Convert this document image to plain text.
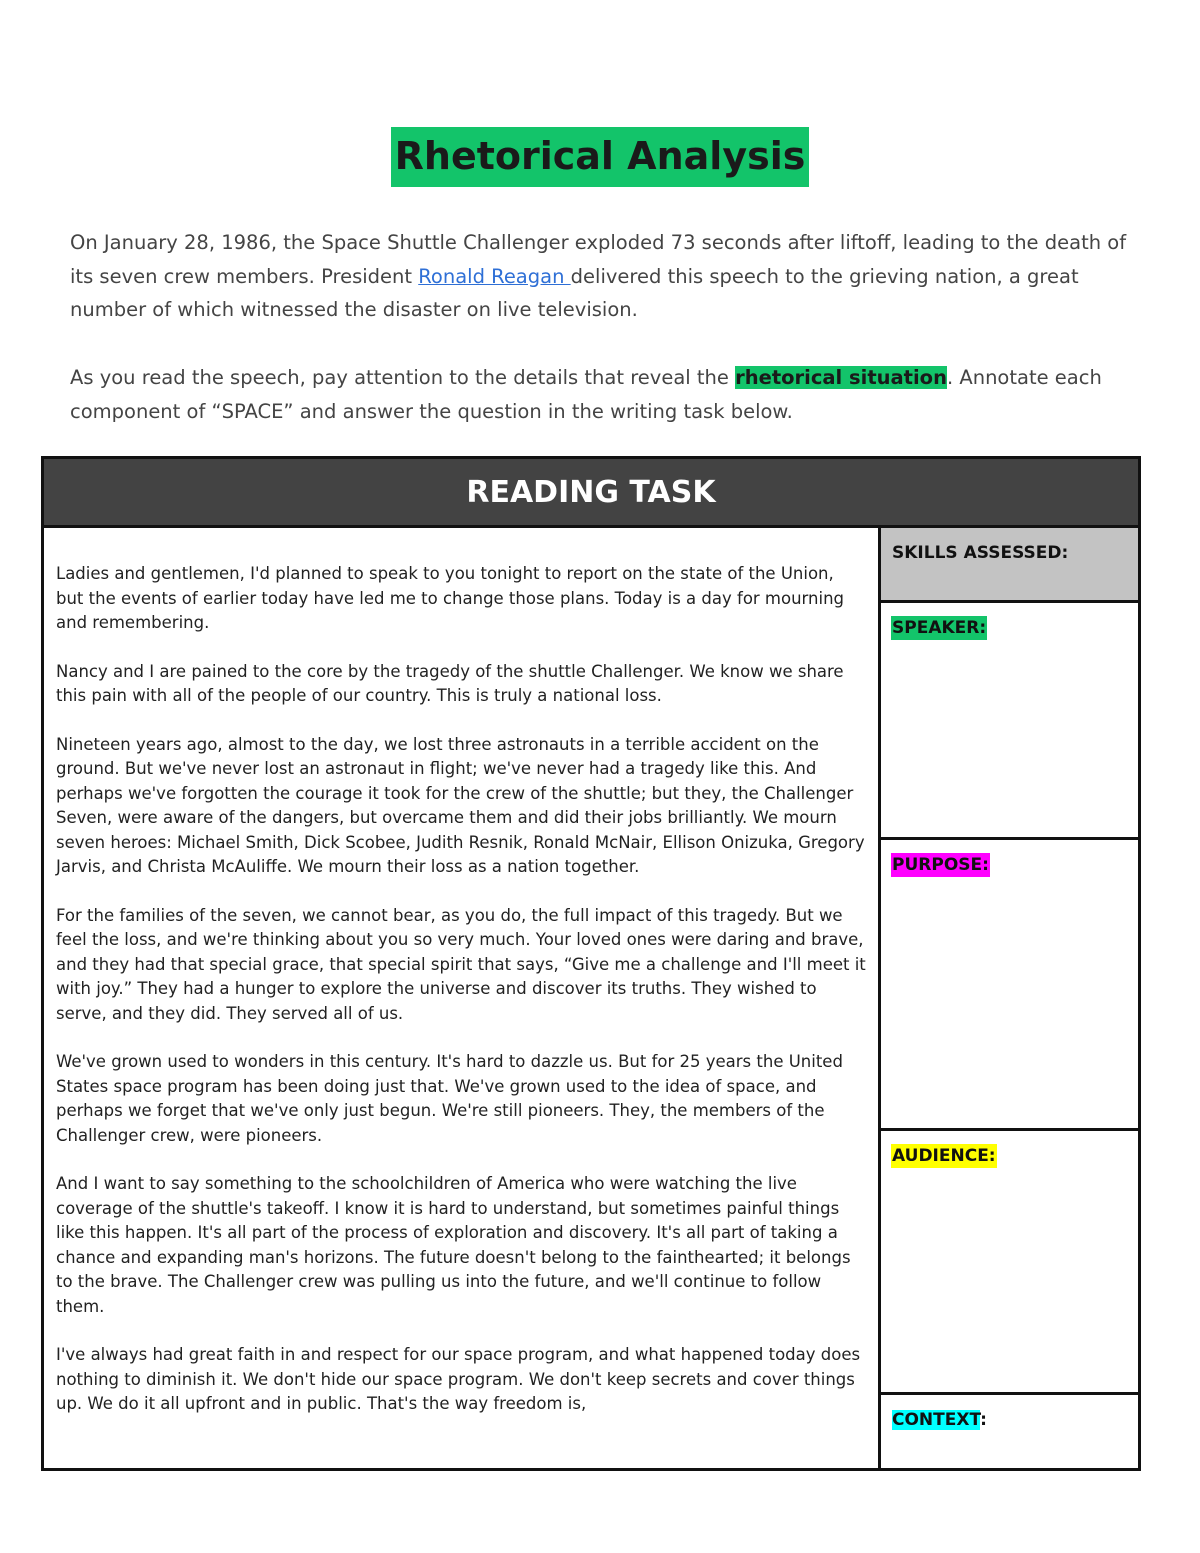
Rhetorical Analysis

On January 28, 1986, the Space Shuttle Challenger exploded 73 seconds after liftoff, leading to the death of its seven crew members. President Ronald Reagan delivered this speech to the grieving nation, a great number of which witnessed the disaster on live television.

As you read the speech, pay attention to the details that reveal the rhetorical situation. Annotate each component of “SPACE” and answer the question in the writing task below.

READING TASK

Ladies and gentlemen, I'd planned to speak to you tonight to report on the state of the Union, but the events of earlier today have led me to change those plans. Today is a day for mourning and remembering.

Nancy and I are pained to the core by the tragedy of the shuttle Challenger. We know we share this pain with all of the people of our country. This is truly a national loss.

Nineteen years ago, almost to the day, we lost three astronauts in a terrible accident on the ground. But we've never lost an astronaut in flight; we've never had a tragedy like this. And perhaps we've forgotten the courage it took for the crew of the shuttle; but they, the Challenger Seven, were aware of the dangers, but overcame them and did their jobs brilliantly. We mourn seven heroes: Michael Smith, Dick Scobee, Judith Resnik, Ronald McNair, Ellison Onizuka, Gregory Jarvis, and Christa McAuliffe. We mourn their loss as a nation together.

For the families of the seven, we cannot bear, as you do, the full impact of this tragedy. But we feel the loss, and we're thinking about you so very much. Your loved ones were daring and brave, and they had that special grace, that special spirit that says, “Give me a challenge and I'll meet it with joy.” They had a hunger to explore the universe and discover its truths. They wished to serve, and they did. They served all of us.

We've grown used to wonders in this century. It's hard to dazzle us. But for 25 years the United States space program has been doing just that. We've grown used to the idea of space, and perhaps we forget that we've only just begun. We're still pioneers. They, the members of the Challenger crew, were pioneers.

And I want to say something to the schoolchildren of America who were watching the live coverage of the shuttle's takeoff. I know it is hard to understand, but sometimes painful things like this happen. It's all part of the process of exploration and discovery. It's all part of taking a chance and expanding man's horizons. The future doesn't belong to the fainthearted; it belongs to the brave. The Challenger crew was pulling us into the future, and we'll continue to follow them.

I've always had great faith in and respect for our space program, and what happened today does nothing to diminish it. We don't hide our space program. We don't keep secrets and cover things up. We do it all upfront and in public. That's the way freedom is,

SKILLS ASSESSED:
SPEAKER:
PURPOSE:
AUDIENCE:
CONTEXT:
